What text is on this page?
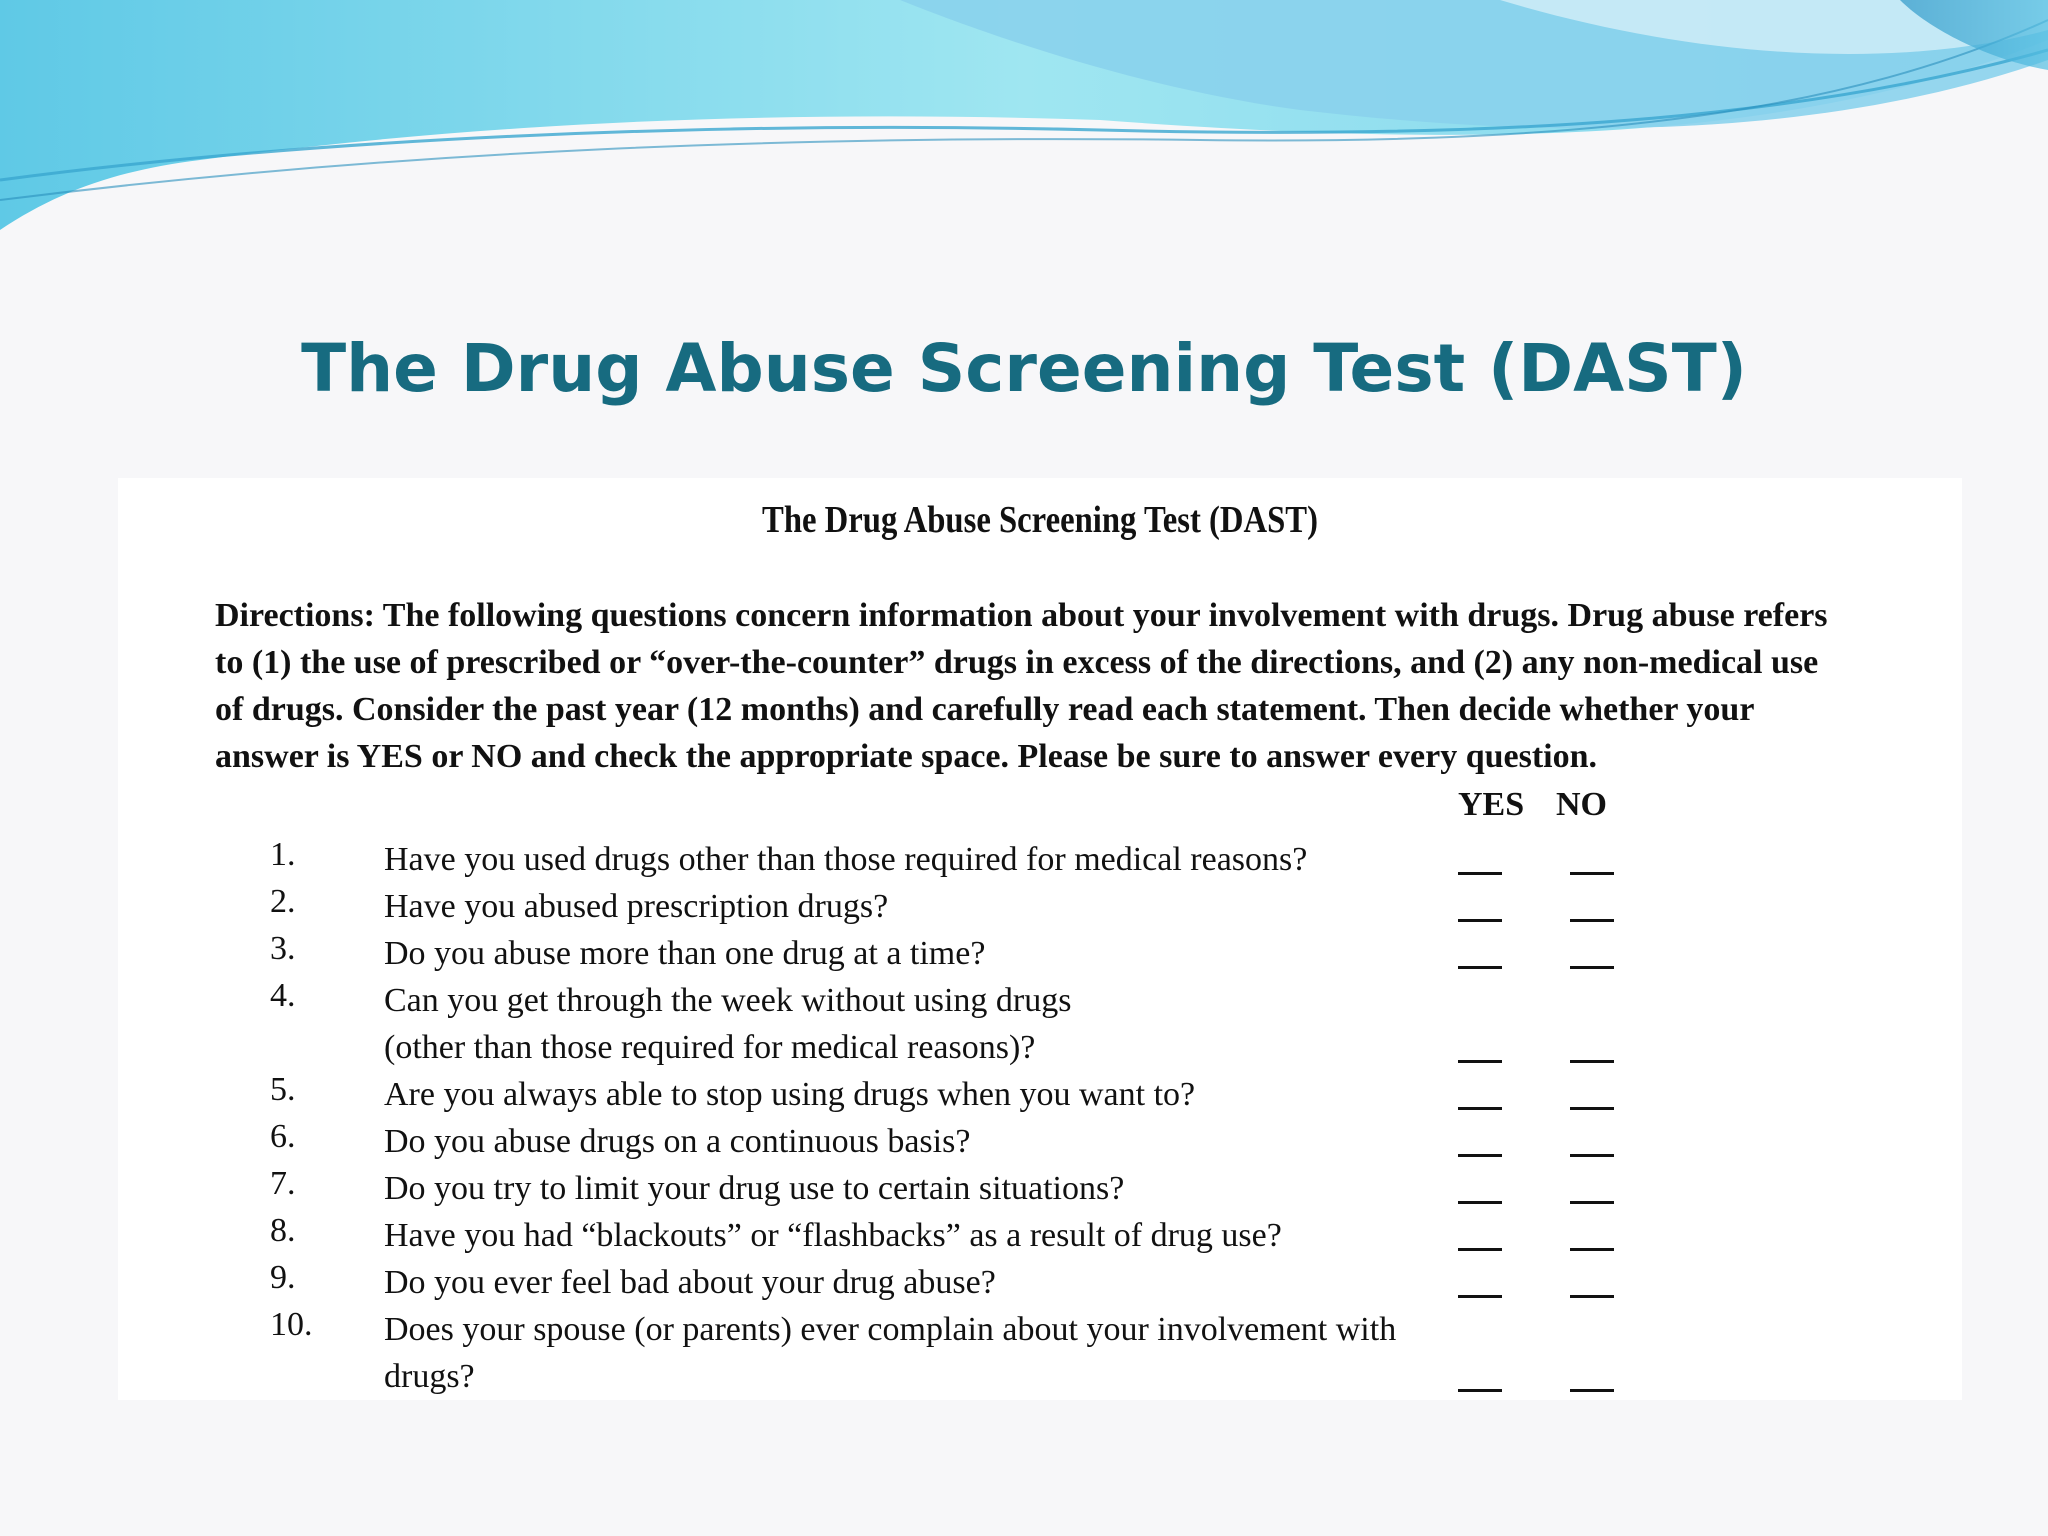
The Drug Abuse Screening Test (DAST)
The Drug Abuse Screening Test (DAST)
Directions: The following questions concern information about your involvement with drugs. Drug abuse refers to (1) the use of prescribed or “over-the-counter” drugs in excess of the directions, and (2) any non-medical use of drugs. Consider the past year (12 months) and carefully read each statement. Then decide whether your answer is YES or NO and check the appropriate space. Please be sure to answer every question.
YES NO
1.	Have you used drugs other than those required for medical reasons?
2.	Have you abused prescription drugs?
3.	Do you abuse more than one drug at a time?
4.	Can you get through the week without using drugs
(other than those required for medical reasons)?
5.	Are you always able to stop using drugs when you want to?
6.	Do you abuse drugs on a continuous basis?
7.	Do you try to limit your drug use to certain situations?
8.	Have you had “blackouts” or “flashbacks” as a result of drug use?
9.	Do you ever feel bad about your drug abuse?
10. Does your spouse (or parents) ever complain about your involvement with
drugs?
